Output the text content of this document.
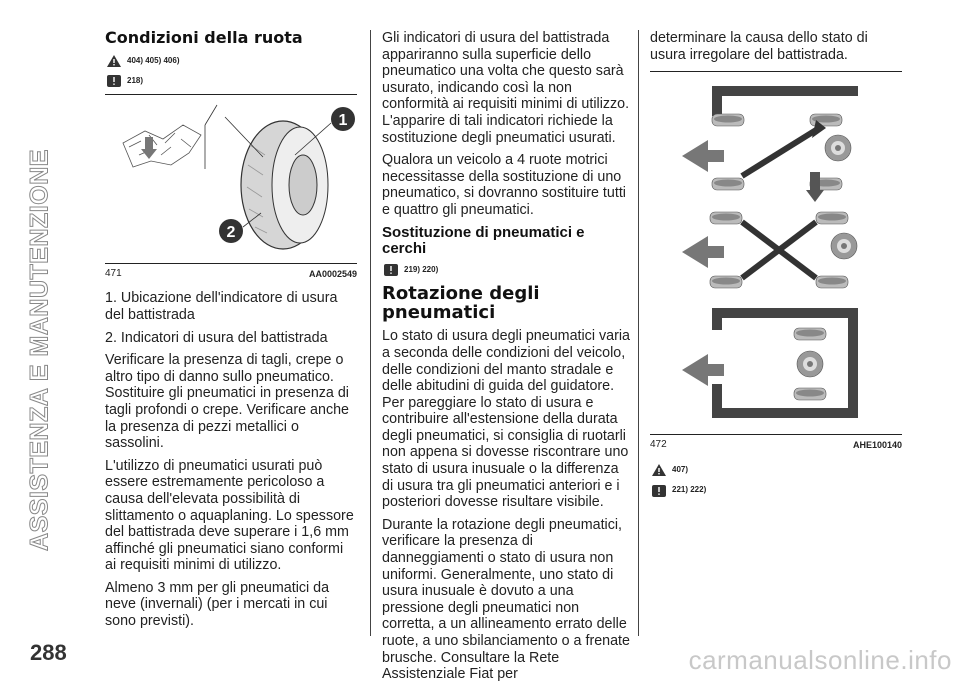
ASSISTENZA E MANUTENZIONE
288	carmanualsonline.info
Condizioni della ruota
404) 405) 406)
218)
1
2
471	AA0002549

1. Ubicazione dell'indicatore di usura del battistrada

2. Indicatori di usura del battistrada

Verificare la presenza di tagli, crepe o altro tipo di danno sullo pneumatico. Sostituire gli pneumatici in presenza di tagli profondi o crepe. Verificare anche la presenza di pezzi metallici o sassolini.

L'utilizzo di pneumatici usurati può essere estremamente pericoloso a causa dell'elevata possibilità di slittamento o aquaplaning. Lo spessore del battistrada deve superare i 1,6 mm affinché gli pneumatici siano conformi ai requisiti minimi di utilizzo.

Almeno 3 mm per gli pneumatici da neve (invernali) (per i mercati in cui sono previsti).

Gli indicatori di usura del battistrada appariranno sulla superficie dello pneumatico una volta che questo sarà usurato, indicando così la non conformità ai requisiti minimi di utilizzo. L'apparire di tali indicatori richiede la sostituzione degli pneumatici usurati.

Qualora un veicolo a 4 ruote motrici necessitasse della sostituzione di uno pneumatico, si dovranno sostituire tutti e quattro gli pneumatici.

Sostituzione di pneumatici e cerchi
219) 220)
Rotazione degli pneumatici

Lo stato di usura degli pneumatici varia a seconda delle condizioni del veicolo, delle condizioni del manto stradale e delle abitudini di guida del guidatore. Per pareggiare lo stato di usura e contribuire all'estensione della durata degli pneumatici, si consiglia di ruotarli non appena si dovesse riscontrare uno stato di usura inusuale o la differenza di usura tra gli pneumatici anteriori e i posteriori dovesse risultare visibile.

Durante la rotazione degli pneumatici, verificare la presenza di danneggiamenti o stato di usura non uniformi. Generalmente, uno stato di usura inusuale è dovuto a una pressione degli pneumatici non corretta, a un allineamento errato delle ruote, a uno sbilanciamento o a frenate brusche. Consultare la Rete Assistenziale Fiat per

determinare la causa dello stato di usura irregolare del battistrada.

472	AHE100140
407)
221) 222)
